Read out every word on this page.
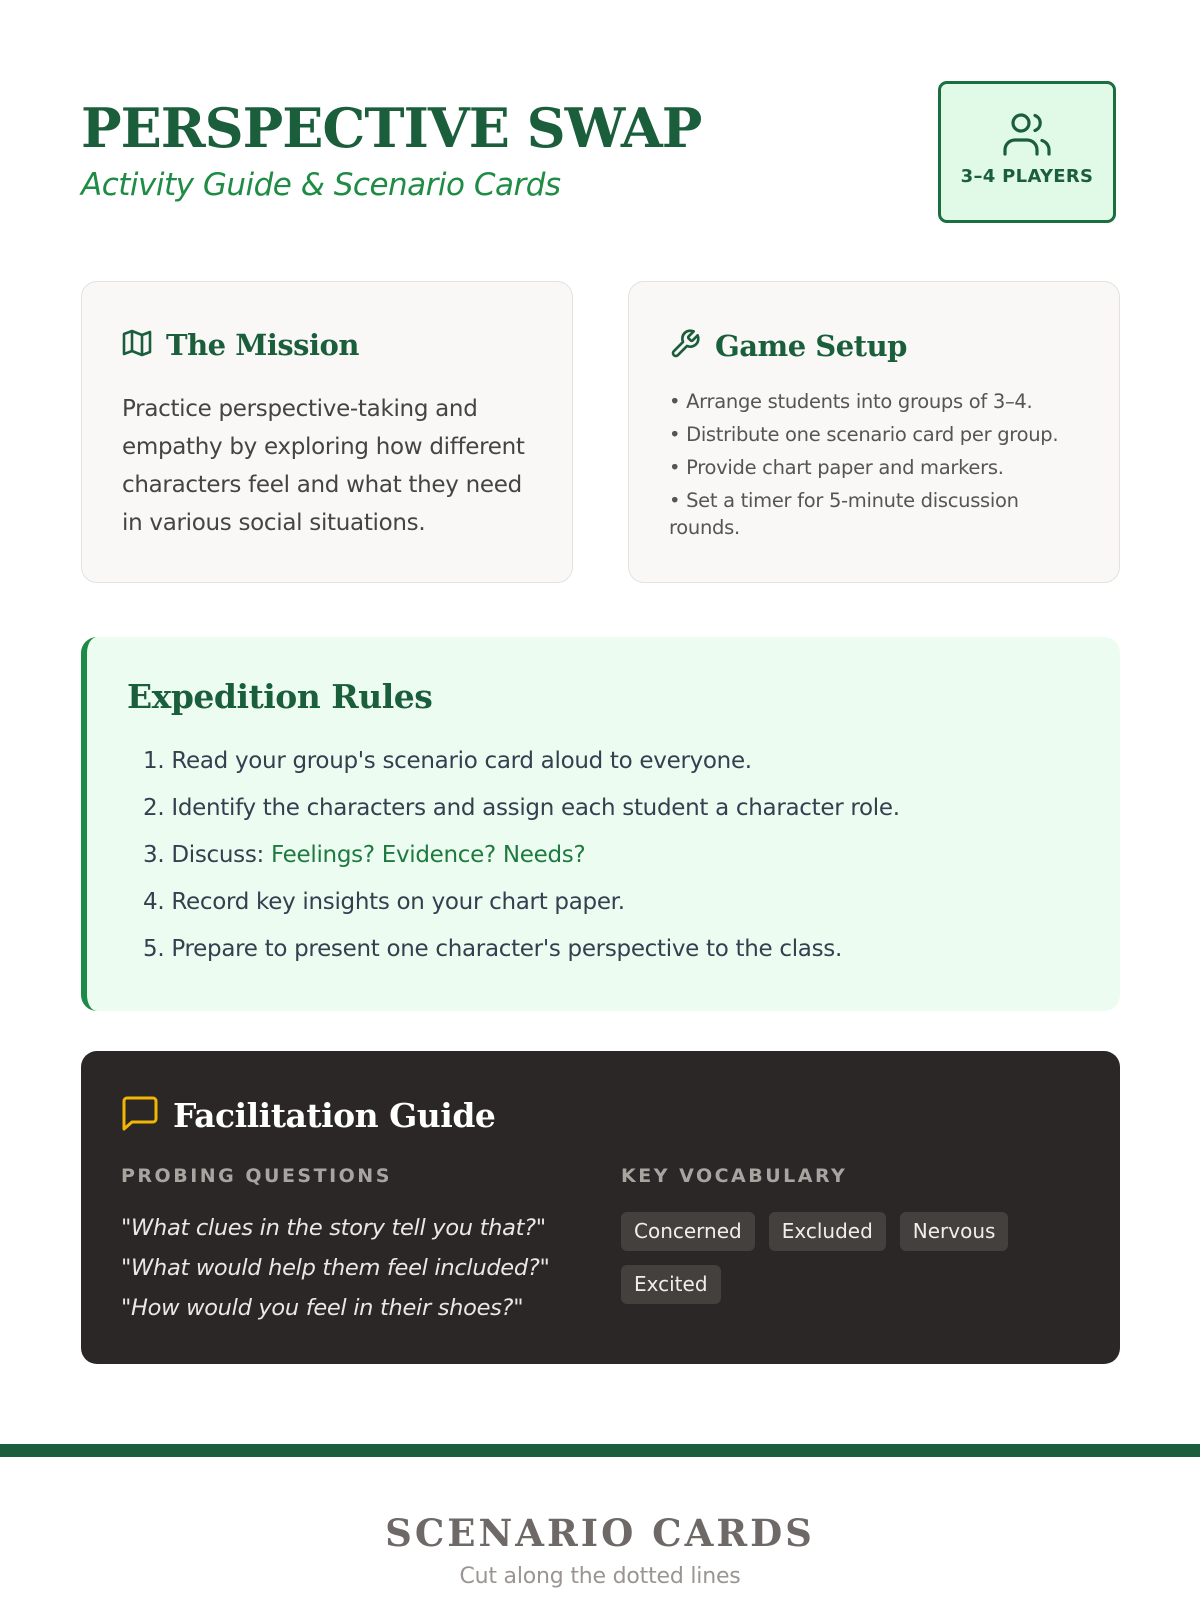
PERSPECTIVE SWAP
Activity Guide & Scenario Cards	3–4 PLAYERS
The Mission

Practice perspective-taking and empathy by exploring how different characters feel and what they need in various social situations.

Game Setup
• Arrange students into groups of 3–4.
• Distribute one scenario card per group.
• Provide chart paper and markers.
• Set a timer for 5-minute discussion rounds.
Expedition Rules
1. Read your group's scenario card aloud to everyone.
2. Identify the characters and assign each student a character role.
3. Discuss: Feelings? Evidence? Needs?
4. Record key insights on your chart paper.
5. Prepare to present one character's perspective to the class.
Facilitation Guide
PROBING QUESTIONS
"What clues in the story tell you that?"
"What would help them feel included?"
"How would you feel in their shoes?"
KEY VOCABULARY
Concerned	Excluded	Nervous
Excited
SCENARIO CARDS
Cut along the dotted lines
